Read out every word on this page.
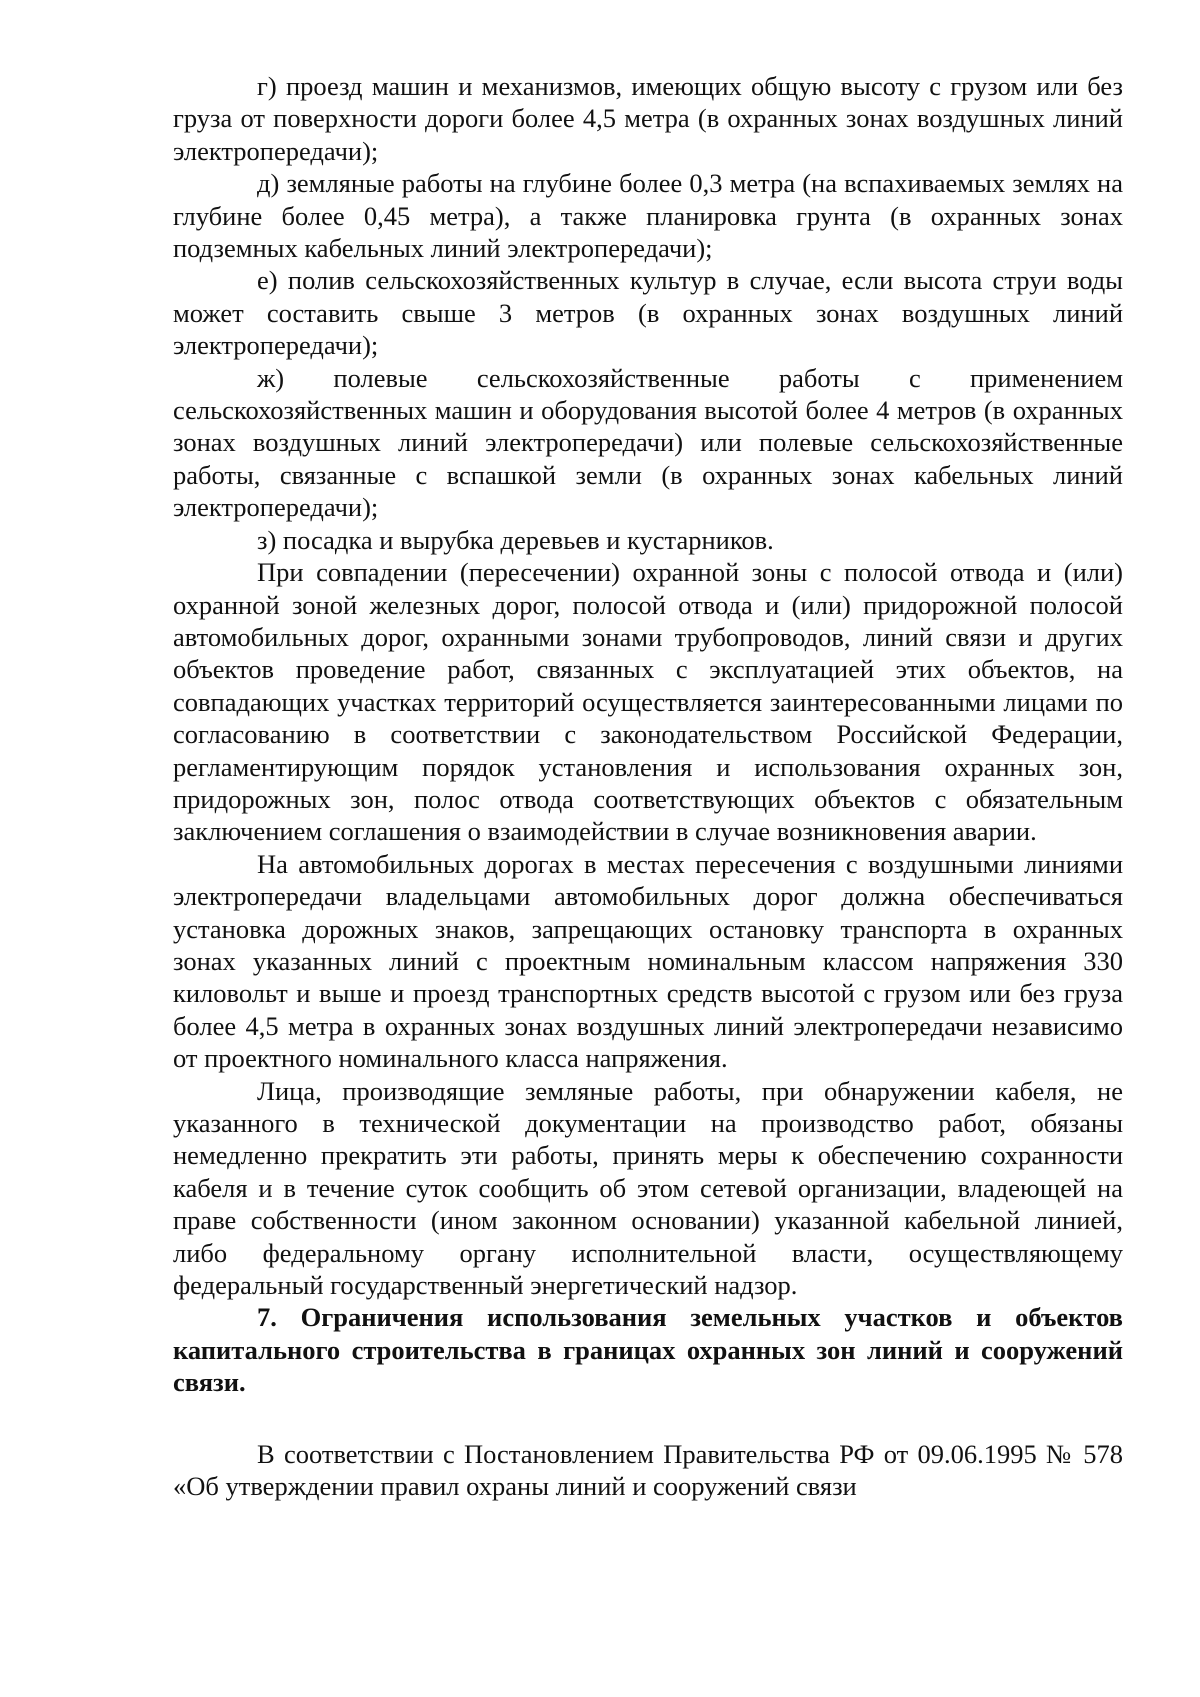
г) проезд машин и механизмов, имеющих общую высоту с грузом или без груза от поверхности дороги более 4,5 метра (в охранных зонах воздушных линий электропередачи);

д) земляные работы на глубине более 0,3 метра (на вспахиваемых землях на глубине более 0,45 метра), а также планировка грунта (в охранных зонах подземных кабельных линий электропередачи);

е) полив сельскохозяйственных культур в случае, если высота струи воды может составить свыше 3 метров (в охранных зонах воздушных линий электропередачи);

ж) полевые сельскохозяйственные работы с применением сельскохозяйственных машин и оборудования высотой более 4 метров (в охранных зонах воздушных линий электропередачи) или полевые сельскохозяйственные работы, связанные с вспашкой земли (в охранных зонах кабельных линий электропередачи);

з) посадка и вырубка деревьев и кустарников.

При совпадении (пересечении) охранной зоны с полосой отвода и (или) охранной зоной железных дорог, полосой отвода и (или) придорожной полосой автомобильных дорог, охранными зонами трубопроводов, линий связи и других объектов проведение работ, связанных с эксплуатацией этих объектов, на совпадающих участках территорий осуществляется заинтересованными лицами по согласованию в соответствии с законодательством Российской Федерации, регламентирующим порядок установления и использования охранных зон, придорожных зон, полос отвода соответствующих объектов с обязательным заключением соглашения о взаимодействии в случае возникновения аварии.

На автомобильных дорогах в местах пересечения с воздушными линиями электропередачи владельцами автомобильных дорог должна обеспечиваться установка дорожных знаков, запрещающих остановку транспорта в охранных зонах указанных линий с проектным номинальным классом напряжения 330 киловольт и выше и проезд транспортных средств высотой с грузом или без груза более 4,5 метра в охранных зонах воздушных линий электропередачи независимо от проектного номинального класса напряжения.

Лица, производящие земляные работы, при обнаружении кабеля, не указанного в технической документации на производство работ, обязаны немедленно прекратить эти работы, принять меры к обеспечению сохранности кабеля и в течение суток сообщить об этом сетевой организации, владеющей на праве собственности (ином законном основании) указанной кабельной линией, либо федеральному органу исполнительной власти, осуществляющему федеральный государственный энергетический надзор.

7. Ограничения использования земельных участков и объектов капитального строительства в границах охранных зон линий и сооружений связи.

В соответствии с Постановлением Правительства РФ от 09.06.1995 № 578 «Об утверждении правил охраны линий и сооружений связи
